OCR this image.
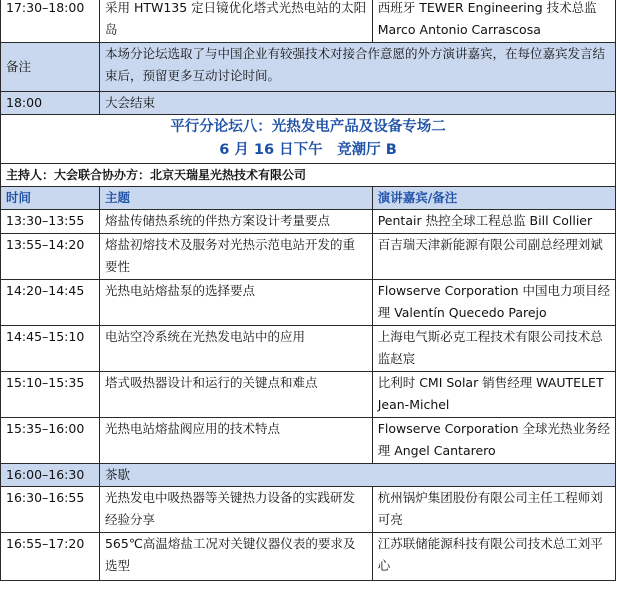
17:30–18:00	采用 HTW135 定日镜优化塔式光热电站的太阳岛	西班牙 TEWER Engineering 技术总监 Marco Antonio Carrascosa
备注	本场分论坛选取了与中国企业有较强技术对接合作意愿的外方演讲嘉宾，在每位嘉宾发言结束后，预留更多互动讨论时间。	
18:00	大会结束	

平行分论坛八：光热发电产品及设备专场二
6 月 16 日下午　竞潮厅 B		

主持人：大会联合协办方：北京天瑞星光热技术有限公司		
时间	主题	演讲嘉宾/备注
13:30–13:55	熔盐传储热系统的伴热方案设计考量要点	Pentair 热控全球工程总监 Bill Collier
13:55–14:20	熔盐初熔技术及服务对光热示范电站开发的重要性	百吉瑞天津新能源有限公司副总经理刘斌
14:20–14:45	光热电站熔盐泵的选择要点	Flowserve Corporation 中国电力项目经理 Valentín Quecedo Parejo
14:45–15:10	电站空冷系统在光热发电站中的应用	上海电气斯必克工程技术有限公司技术总监赵宸
15:10–15:35	塔式吸热器设计和运行的关键点和难点	比利时 CMI Solar 销售经理 WAUTELET Jean-Michel
15:35–16:00	光热电站熔盐阀应用的技术特点	Flowserve Corporation 全球光热业务经理 Angel Cantarero
16:00–16:30	茶歇	
16:30–16:55	光热发电中吸热器等关键热力设备的实践研发经验分享	杭州锅炉集团股份有限公司主任工程师刘可亮
16:55–17:20	565℃高温熔盐工况对关键仪器仪表的要求及选型	江苏联储能源科技有限公司技术总工刘平心
